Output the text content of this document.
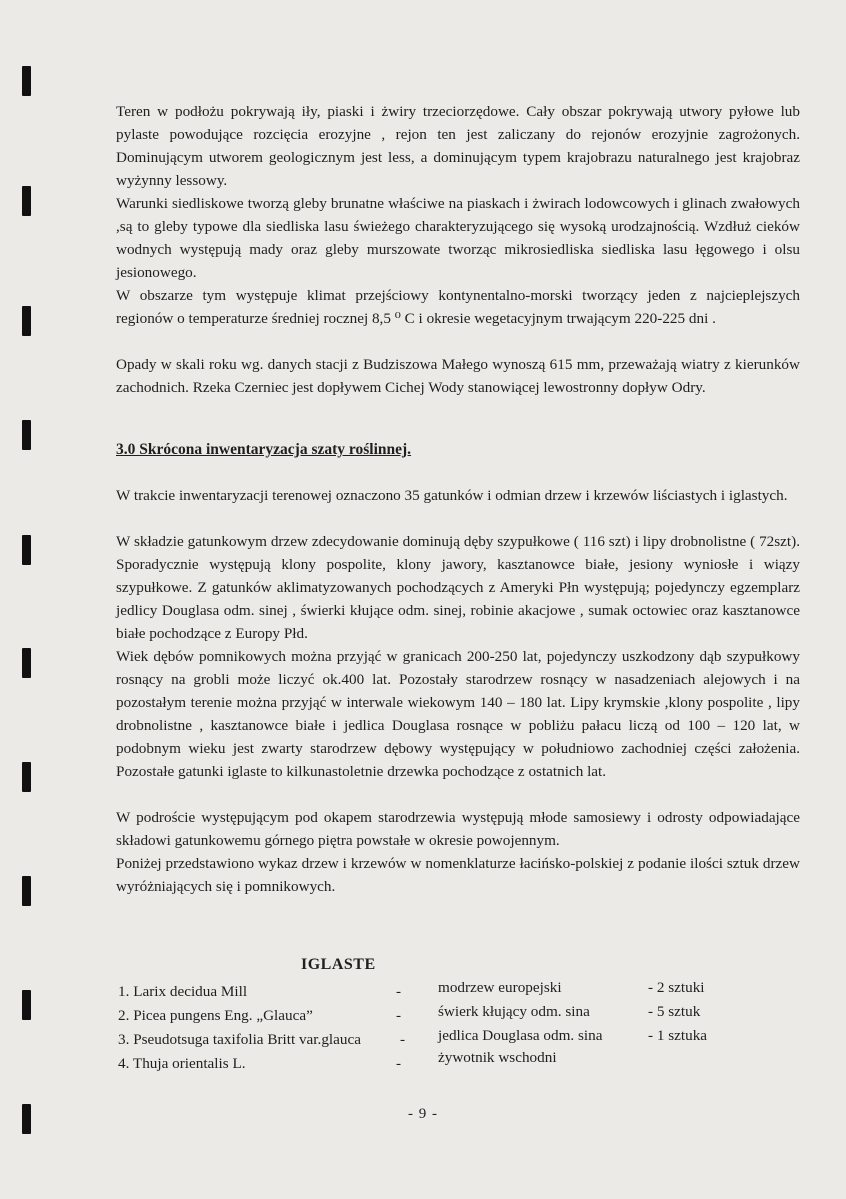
Teren w podłożu pokrywają iły, piaski i żwiry trzeciorzędowe. Cały obszar pokrywają utwory pyłowe lub pylaste powodujące rozcięcia erozyjne , rejon ten jest zaliczany do rejonów erozyjnie zagrożonych. Dominującym utworem geologicznym jest less, a dominującym typem krajobrazu naturalnego jest krajobraz wyżynny lessowy.

Warunki siedliskowe tworzą gleby brunatne właściwe na piaskach i żwirach lodowcowych i glinach zwałowych ,są to gleby typowe dla siedliska lasu świeżego charakteryzującego się wysoką urodzajnością. Wzdłuż cieków wodnych występują mady oraz gleby murszowate tworząc mikrosiedliska siedliska lasu łęgowego i olsu jesionowego.

W obszarze tym występuje klimat przejściowy kontynentalno-morski tworzący jeden z najcieplejszych regionów o temperaturze średniej rocznej 8,5 ⁰ C i okresie wegetacyjnym trwającym 220-225 dni .

Opady w skali roku wg. danych stacji z Budziszowa Małego wynoszą 615 mm, przeważają wiatry z kierunków zachodnich. Rzeka Czerniec jest dopływem Cichej Wody stanowiącej lewostronny dopływ Odry.

3.0 Skrócona inwentaryzacja szaty roślinnej.

W trakcie inwentaryzacji terenowej oznaczono 35 gatunków i odmian drzew i krzewów liściastych i iglastych.

W składzie gatunkowym drzew zdecydowanie dominują dęby szypułkowe ( 116 szt) i lipy drobnolistne ( 72szt). Sporadycznie występują klony pospolite, klony jawory, kasztanowce białe, jesiony wyniosłe i wiązy szypułkowe. Z gatunków aklimatyzowanych pochodzących z Ameryki Płn występują; pojedynczy egzemplarz jedlicy Douglasa odm. sinej , świerki kłujące odm. sinej, robinie akacjowe , sumak octowiec oraz kasztanowce białe pochodzące z Europy Płd.

Wiek dębów pomnikowych można przyjąć w granicach 200-250 lat, pojedynczy uszkodzony dąb szypułkowy rosnący na grobli może liczyć ok.400 lat. Pozostały starodrzew rosnący w nasadzeniach alejowych i na pozostałym terenie można przyjąć w interwale wiekowym 140 – 180 lat. Lipy krymskie ,klony pospolite , lipy drobnolistne , kasztanowce białe i jedlica Douglasa rosnące w pobliżu pałacu liczą od 100 – 120 lat, w podobnym wieku jest zwarty starodrzew dębowy występujący w południowo zachodniej części założenia. Pozostałe gatunki iglaste to kilkunastoletnie drzewka pochodzące z ostatnich lat.

W podroście występującym pod okapem starodrzewia występują młode samosiewy i odrosty odpowiadające składowi gatunkowemu górnego piętra powstałe w okresie powojennym.

Poniżej przedstawiono wykaz drzew i krzewów w nomenklaturze łacińsko-polskiej z podanie ilości sztuk drzew wyróżniających się i pomnikowych.

IGLASTE
1. Larix decidua Mill	- modrzew europejski	- 2 sztuki
2. Picea pungens Eng. „Glauca”	- świerk kłujący odm. sina	- 5 sztuk
3. Pseudotsuga taxifolia Britt var.glauca	- jedlica Douglasa odm. sina	- 1 sztuka
4. Thuja orientalis L.	- żywotnik wschodni
- 9 -
